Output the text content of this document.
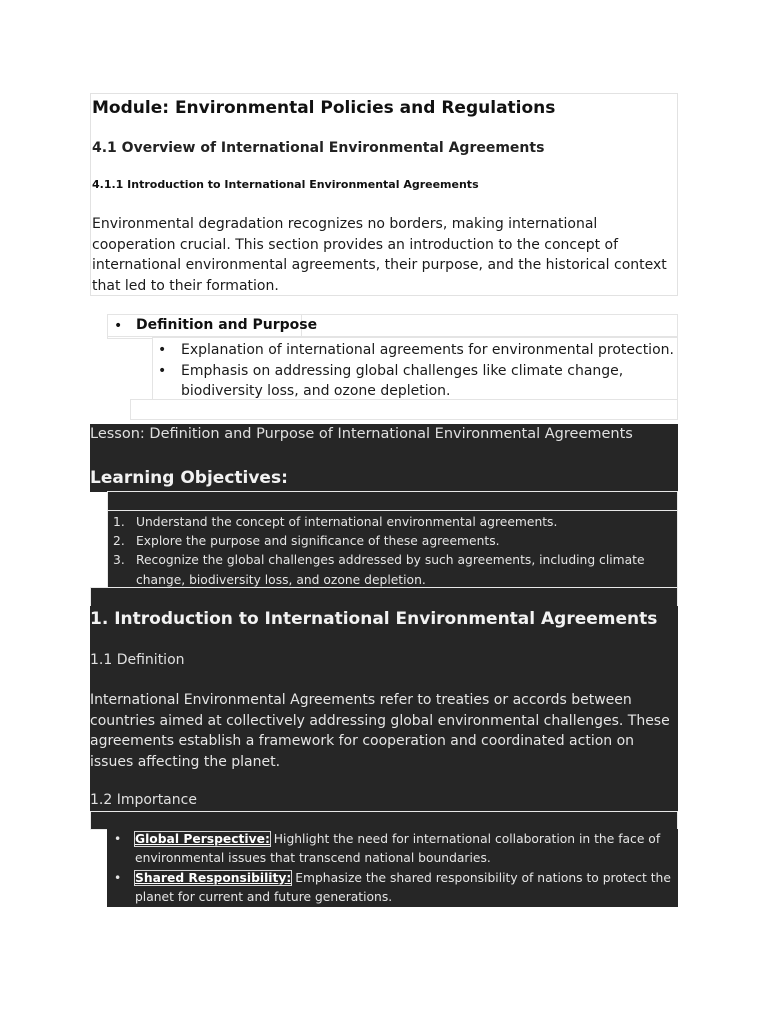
Module: Environmental Policies and Regulations
4.1 Overview of International Environmental Agreements
4.1.1 Introduction to International Environmental Agreements

Environmental degradation recognizes no borders, making international cooperation crucial. This section provides an introduction to the concept of international environmental agreements, their purpose, and the historical context that led to their formation.

• Definition and Purpose
• Explanation of international agreements for environmental protection.
• Emphasis on addressing global challenges like climate change, biodiversity loss, and ozone depletion.
Lesson: Definition and Purpose of International Environmental Agreements
Learning Objectives:
1. Understand the concept of international environmental agreements.
2. Explore the purpose and significance of these agreements.
3. Recognize the global challenges addressed by such agreements, including climate change, biodiversity loss, and ozone depletion.
1. Introduction to International Environmental Agreements
1.1 Definition

International Environmental Agreements refer to treaties or accords between countries aimed at collectively addressing global environmental challenges. These agreements establish a framework for cooperation and coordinated action on issues affecting the planet.

1.2 Importance
• Global Perspective: Highlight the need for international collaboration in the face of environmental issues that transcend national boundaries.
• Shared Responsibility: Emphasize the shared responsibility of nations to protect the planet for current and future generations.
